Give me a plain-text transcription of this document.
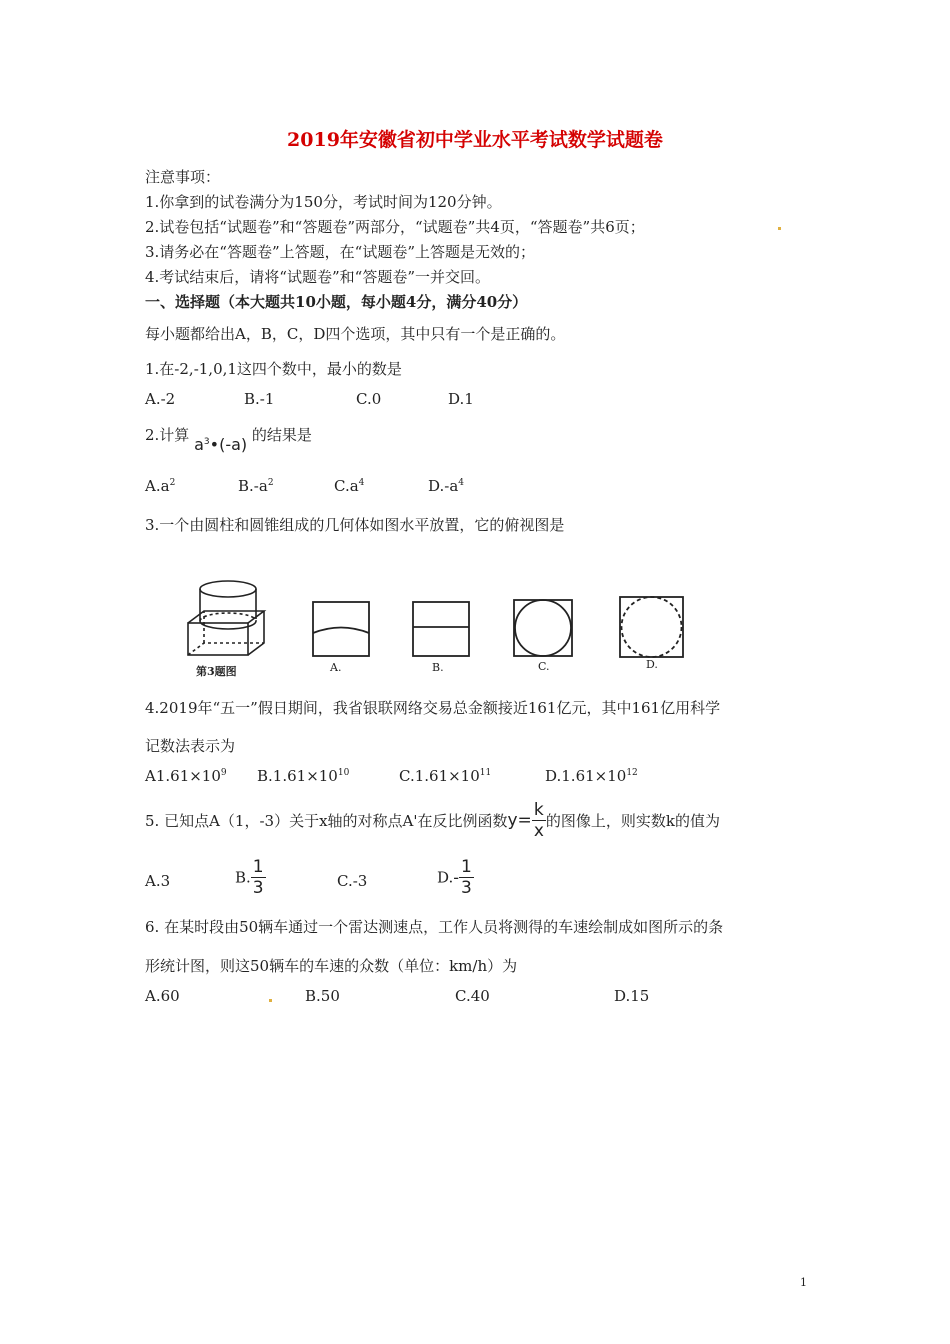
2019年安徽省初中学业水平考试数学试题卷
注意事项：
1.你拿到的试卷满分为150分，考试时间为120分钟。
2.试卷包括“试题卷”和“答题卷”两部分，“试题卷”共4页，“答题卷”共6页；
3.请务必在“答题卷”上答题，在“试题卷”上答题是无效的；
4.考试结束后，请将“试题卷”和“答题卷”一并交回。
一、选择题（本大题共10小题，每小题4分，满分40分）
每小题都给出A，B，C，D四个选项，其中只有一个是正确的。
1.在-2,-1,0,1这四个数中，最小的数是
A.-2	B.-1	C.0	D.1
2.计算 $a^3•(-a)$ 的结果是
$A.a^2$	$B.-a^2$	$C.a^4$	$D.-a^4$
3.一个由圆柱和圆锥组成的几何体如图水平放置，它的俯视图是
第3题图	A.	B.	C.	D.
4.2019年“五一”假日期间，我省银联网络交易总金额接近161亿元，其中161亿用科学
记数法表示为
$A1.61\times 10^9$ $B.1.61\times 10^{10}$	$C.1.61\times 10^{11}$	$D.1.61\times 10^{12}$
5. 已知点A（1，-3）关于x轴的对称点A'在反比例函数$y= \frac{k}{x}$ 的图像上，则实数k的值为
A.3	B. $\frac{1}{3}$	C.-3	$D.- \frac{1}{3}$
6. 在某时段由50辆车通过一个雷达测速点，工作人员将测得的车速绘制成如图所示的条
形统计图，则这50辆车的车速的众数（单位：km/h）为
A.60	B.50	C.40	D.15
1
